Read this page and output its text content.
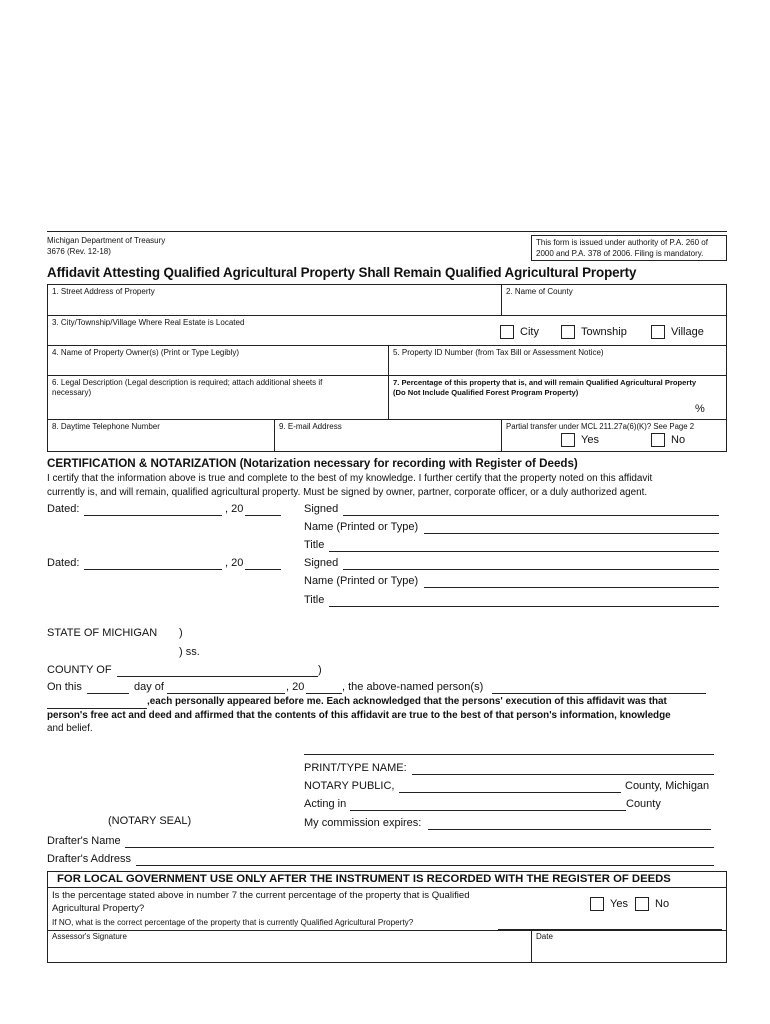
Michigan Department of Treasury
3676 (Rev. 12-18)
This form is issued under authority of P.A. 260 of
2000 and P.A. 378 of 2006. Filing is mandatory.
Affidavit Attesting Qualified Agricultural Property Shall Remain Qualified Agricultural Property
1. Street Address of Property	2. Name of County
3. City/Township/Village Where Real Estate is Located
City	Township	Village
4. Name of Property Owner(s) (Print or Type Legibly)	5. Property ID Number (from Tax Bill or Assessment Notice)
6. Legal Description (Legal description is required; attach additional sheets if
necessary)
7. Percentage of this property that is, and will remain Qualified Agricultural Property
(Do Not Include Qualified Forest Program Property)
%
8. Daytime Telephone Number	9. E-mail Address	Partial transfer under MCL 211.27a(6)(K)? See Page 2
Yes	No
CERTIFICATION & NOTARIZATION (Notarization necessary for recording with Register of Deeds)
I certify that the information above is true and complete to the best of my knowledge. I further certify that the property noted on this affidavit
currently is, and will remain, qualified agricultural property. Must be signed by owner, partner, corporate officer, or a duly authorized agent.
Dated:	, 20	Signed
Name (Printed or Type)
Title
Dated:	, 20	Signed
Name (Printed or Type)
Title
STATE OF MICHIGAN )
) ss.
COUNTY OF	)
On this	day of	, 20	, the above-named person(s)
,each personally appeared before me. Each acknowledged that the persons' execution of this affidavit was that
person's free act and deed and affirmed that the contents of this affidavit are true to the best of that person's information, knowledge
and belief.
PRINT/TYPE NAME:
NOTARY PUBLIC,	County, Michigan
Acting in	County
(NOTARY SEAL)	My commission expires:
Drafter's Name
Drafter's Address
FOR LOCAL GOVERNMENT USE ONLY AFTER THE INSTRUMENT IS RECORDED WITH THE REGISTER OF DEEDS
Is the percentage stated above in number 7 the current percentage of the property that is Qualified
Agricultural Property?	Yes No
If NO, what is the correct percentage of the property that is currently Qualified Agricultural Property?
Assessor's Signature	Date
